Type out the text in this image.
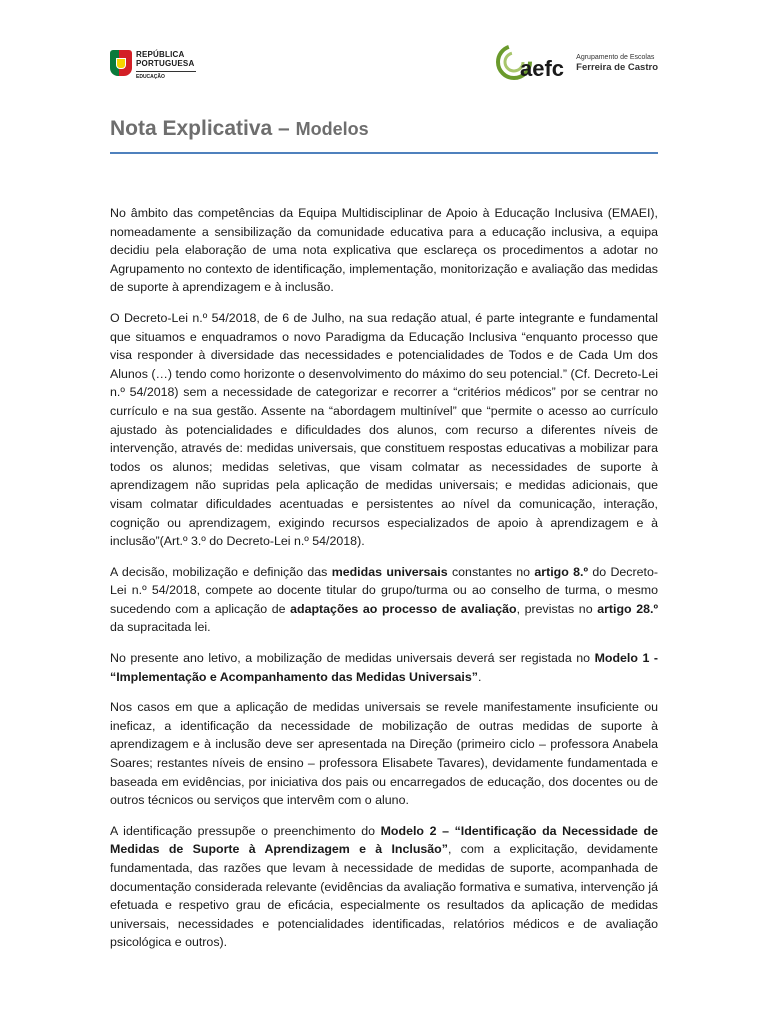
REPÚBLICA
PORTUGUESA
EDUCAÇÃO	aefc Agrupamento de Escolas
Ferreira de Castro
Nota Explicativa – Modelos

No âmbito das competências da Equipa Multidisciplinar de Apoio à Educação Inclusiva (EMAEI), nomeadamente a sensibilização da comunidade educativa para a educação inclusiva, a equipa decidiu pela elaboração de uma nota explicativa que esclareça os procedimentos a adotar no Agrupamento no contexto de identificação, implementação, monitorização e avaliação das medidas de suporte à aprendizagem e à inclusão.

O Decreto-Lei n.º 54/2018, de 6 de Julho, na sua redação atual, é parte integrante e fundamental que situamos e enquadramos o novo Paradigma da Educação Inclusiva “enquanto processo que visa responder à diversidade das necessidades e potencialidades de Todos e de Cada Um dos Alunos (…) tendo como horizonte o desenvolvimento do máximo do seu potencial.” (Cf. Decreto-Lei n.º 54/2018) sem a necessidade de categorizar e recorrer a “critérios médicos” por se centrar no currículo e na sua gestão. Assente na “abordagem multinível” que “permite o acesso ao currículo ajustado às potencialidades e dificuldades dos alunos, com recurso a diferentes níveis de intervenção, através de: medidas universais, que constituem respostas educativas a mobilizar para todos os alunos; medidas seletivas, que visam colmatar as necessidades de suporte à aprendizagem não supridas pela aplicação de medidas universais; e medidas adicionais, que visam colmatar dificuldades acentuadas e persistentes ao nível da comunicação, interação, cognição ou aprendizagem, exigindo recursos especializados de apoio à aprendizagem e à inclusão”(Art.º 3.º do Decreto-Lei n.º 54/2018).

A decisão, mobilização e definição das medidas universais constantes no artigo 8.º do Decreto-Lei n.º 54/2018, compete ao docente titular do grupo/turma ou ao conselho de turma, o mesmo sucedendo com a aplicação de adaptações ao processo de avaliação, previstas no artigo 28.º da supracitada lei.

No presente ano letivo, a mobilização de medidas universais deverá ser registada no Modelo 1 - “Implementação e Acompanhamento das Medidas Universais”.

Nos casos em que a aplicação de medidas universais se revele manifestamente insuficiente ou ineficaz, a identificação da necessidade de mobilização de outras medidas de suporte à aprendizagem e à inclusão deve ser apresentada na Direção (primeiro ciclo – professora Anabela Soares; restantes níveis de ensino – professora Elisabete Tavares), devidamente fundamentada e baseada em evidências, por iniciativa dos pais ou encarregados de educação, dos docentes ou de outros técnicos ou serviços que intervêm com o aluno.

A identificação pressupõe o preenchimento do Modelo 2 – “Identificação da Necessidade de Medidas de Suporte à Aprendizagem e à Inclusão”, com a explicitação, devidamente fundamentada, das razões que levam à necessidade de medidas de suporte, acompanhada de documentação considerada relevante (evidências da avaliação formativa e sumativa, intervenção já efetuada e respetivo grau de eficácia, especialmente os resultados da aplicação de medidas universais, necessidades e potencialidades identificadas, relatórios médicos e de avaliação psicológica e outros).
